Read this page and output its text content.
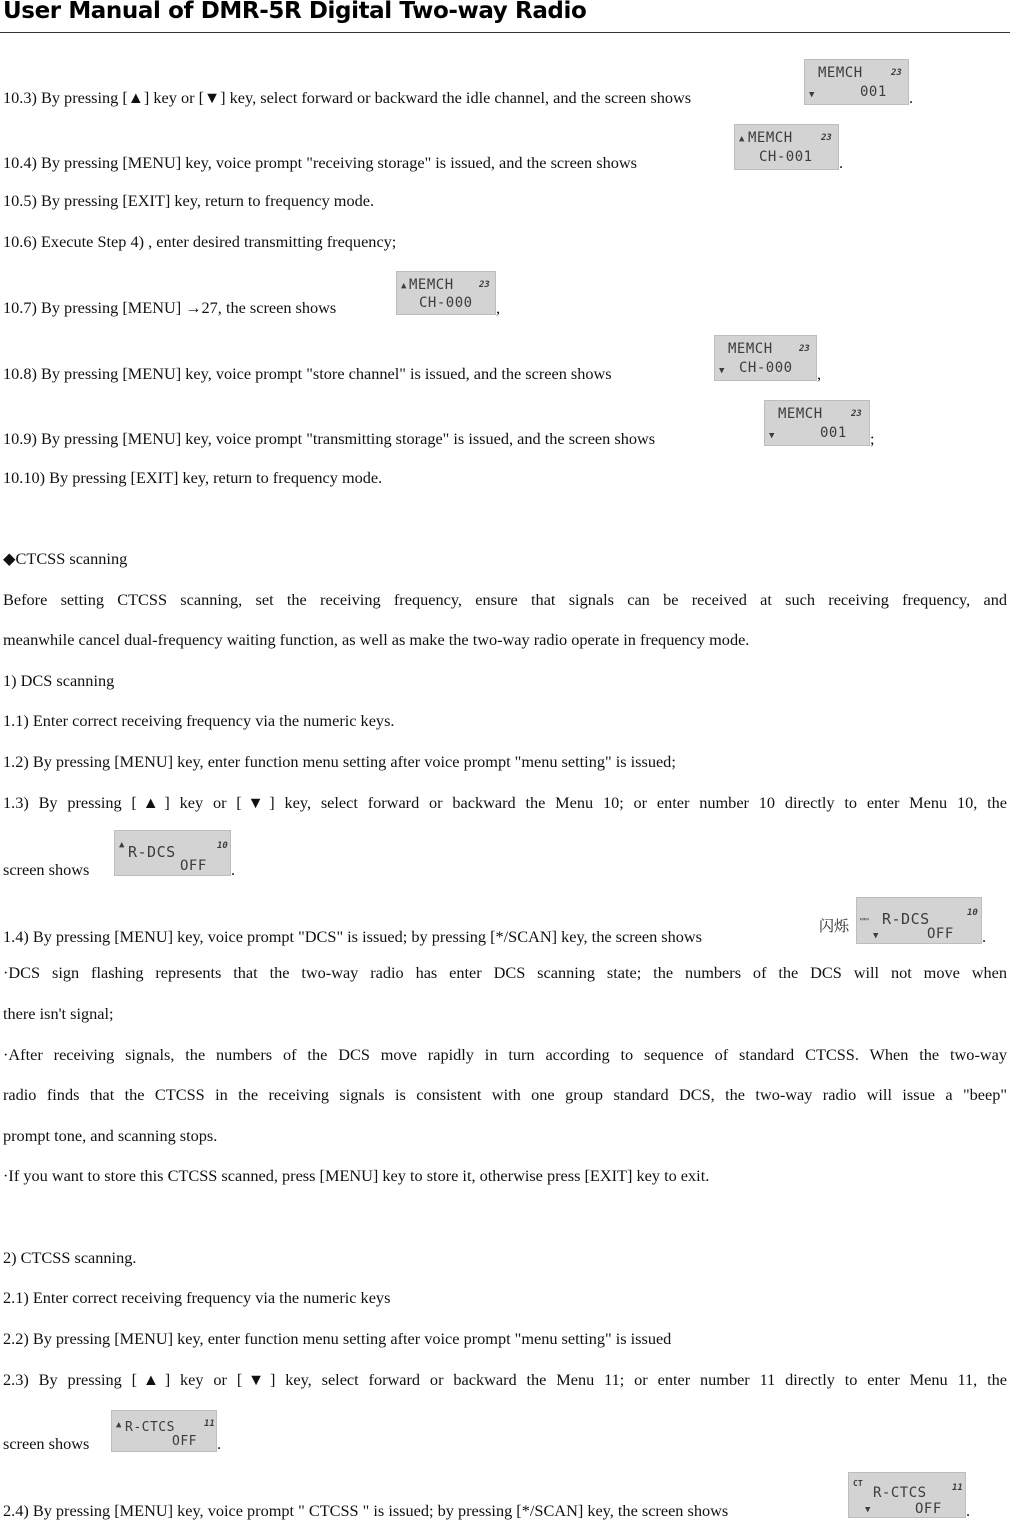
User Manual of DMR-5R Digital Two-way Radio
10.3) By pressing [▲] key or [▼] key, select forward or backward the idle channel, and the screen shows
MEMCH	23
▼	001 .
10.4) By pressing [MENU] key, voice prompt "receiving storage" is issued, and the screen shows
▲ MEMCH	23
CH-001 .
10.5) By pressing [EXIT] key, return to frequency mode.
10.6) Execute Step 4) , enter desired transmitting frequency;
10.7) By pressing [MENU] →27, the screen shows
▲ MEMCH	23
CH-000 ,
10.8) By pressing [MENU] key, voice prompt "store channel" is issued, and the screen shows
MEMCH	23
▼ CH-000 ,
10.9) By pressing [MENU] key, voice prompt "transmitting storage" is issued, and the screen shows
MEMCH	23
▼	001 ;
10.10) By pressing [EXIT] key, return to frequency mode.
◆CTCSS scanning
Before setting CTCSS scanning, set the receiving frequency, ensure that signals can be received at such receiving frequency, and
meanwhile cancel dual-frequency waiting function, as well as make the two-way radio operate in frequency mode.
1) DCS scanning
1.1) Enter correct receiving frequency via the numeric keys.
1.2) By pressing [MENU] key, enter function menu setting after voice prompt "menu setting" is issued;
1.3) By pressing [▲] key or [▼] key, select forward or backward the Menu 10; or enter number 10 directly to enter Menu 10, the
screen shows
▲ R-DCS	10
OFF .
1.4) By pressing [MENU] key, voice prompt "DCS" is issued; by pressing [*/SCAN] key, the screen shows
闪烁 ▭▭ R-DCS	10
▼	OFF .
·DCS sign flashing represents that the two-way radio has enter DCS scanning state; the numbers of the DCS will not move when
there isn't signal;
·After receiving signals, the numbers of the DCS move rapidly in turn according to sequence of standard CTCSS. When the two-way
radio finds that the CTCSS in the receiving signals is consistent with one group standard DCS, the two-way radio will issue a "beep"
prompt tone, and scanning stops.
·If you want to store this CTCSS scanned, press [MENU] key to store it, otherwise press [EXIT] key to exit.
2) CTCSS scanning.
2.1) Enter correct receiving frequency via the numeric keys
2.2) By pressing [MENU] key, enter function menu setting after voice prompt "menu setting" is issued
2.3) By pressing [▲] key or [▼] key, select forward or backward the Menu 11; or enter number 11 directly to enter Menu 11, the
screen shows
▲ R-CTCS	11
OFF .
2.4) By pressing [MENU] key, voice prompt " CTCSS " is issued; by pressing [*/SCAN] key, the screen shows
CT
R-CTCS	11
▼	OFF .
